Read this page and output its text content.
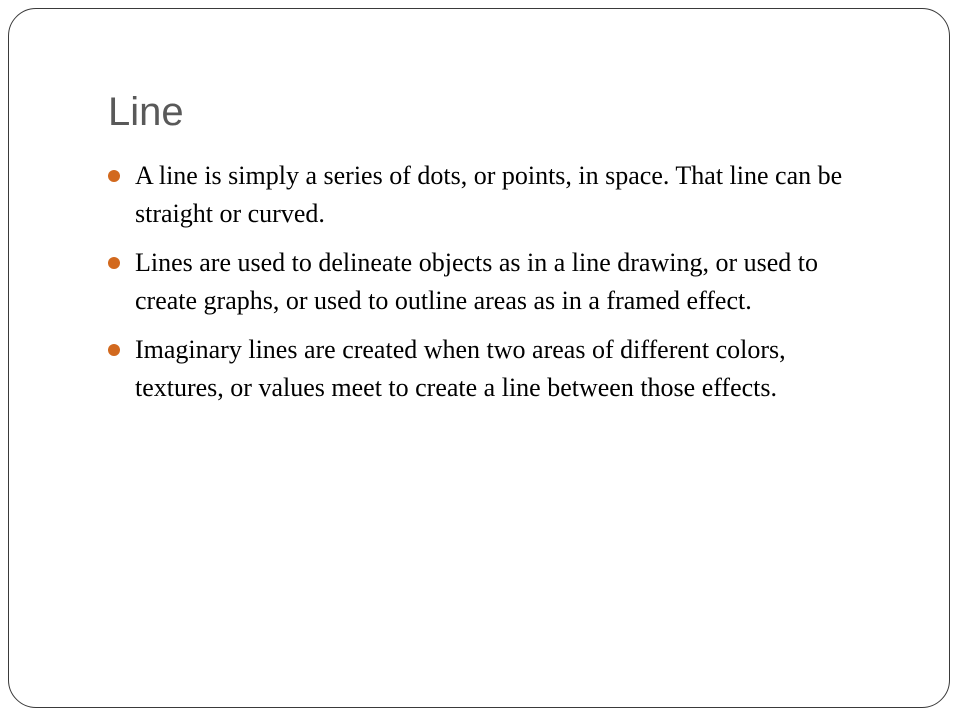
Line
A line is simply a series of dots, or points, in space. That line can be straight or curved.
Lines are used to delineate objects as in a line drawing, or used to create graphs, or used to outline areas as in a framed effect.
Imaginary lines are created when two areas of different colors, textures, or values meet to create a line between those effects.
